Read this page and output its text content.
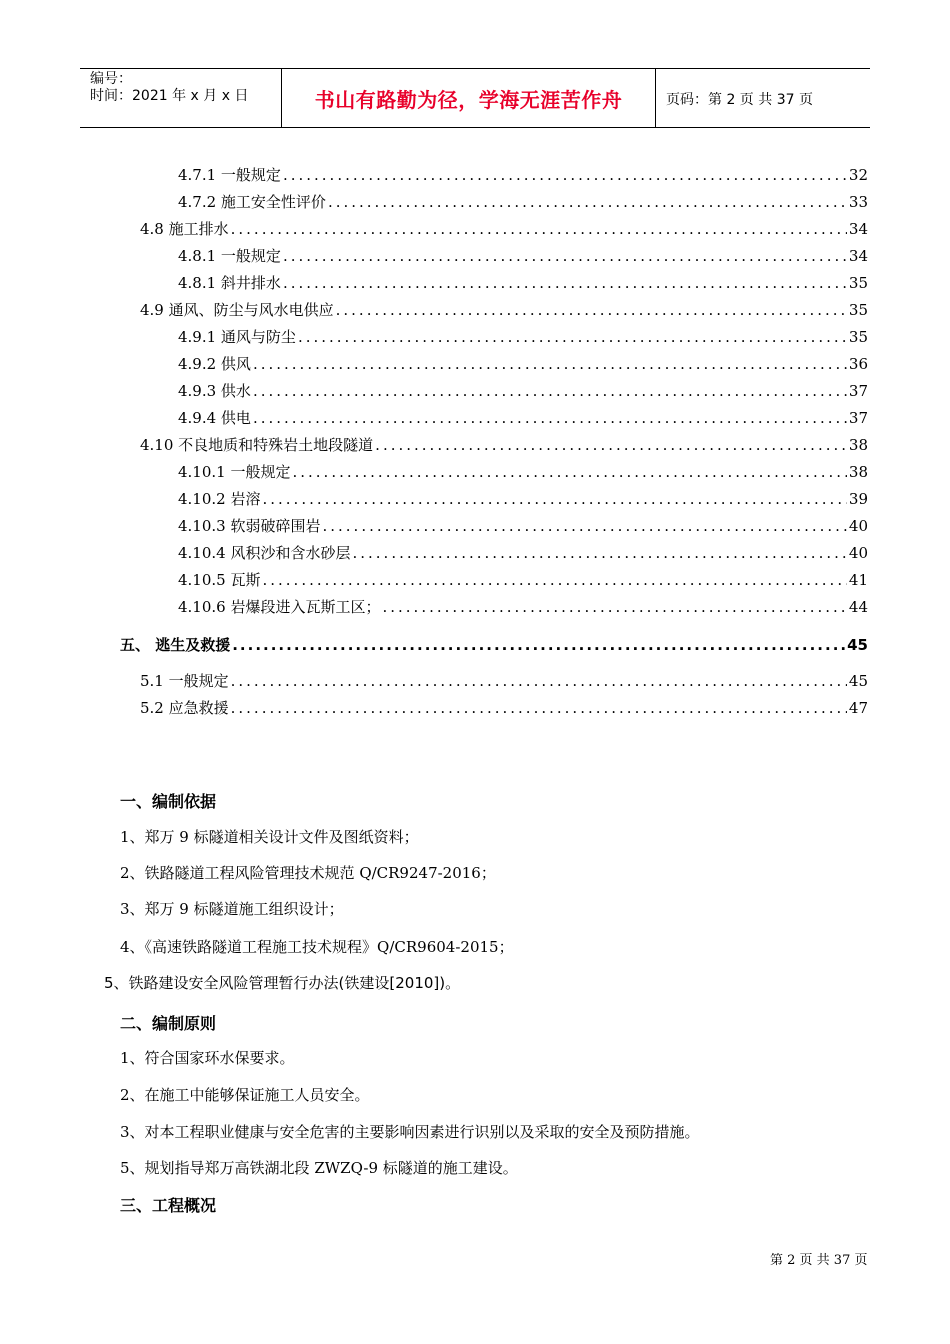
编号：
时间：2021 年 x 月 x 日	书山有路勤为径，学海无涯苦作舟	页码：第 2 页 共 37 页
4.7.1 一般规定 .....	32
4.7.2 施工安全性评价 .....	33
4.8 施工排水 .....	34
4.8.1 一般规定 .....	34
4.8.1 斜井排水 .....	35
4.9 通风、防尘与风水电供应 .....	35
4.9.1 通风与防尘 .....	35
4.9.2 供风 .....	36
4.9.3 供水 .....	37
4.9.4 供电 .....	37
4.10 不良地质和特殊岩土地段隧道 .....	38
4.10.1 一般规定 .....	38
4.10.2 岩溶 .....	39
4.10.3 软弱破碎围岩 .....	40
4.10.4 风积沙和含水砂层 .....	40
4.10.5 瓦斯 .....	41
4.10.6 岩爆段进入瓦斯工区； .....	44
五、 逃生及救援 .....	45
5.1 一般规定 .....	45
5.2 应急救援 .....	47
一、编制依据
1、郑万 9 标隧道相关设计文件及图纸资料；
2、铁路隧道工程风险管理技术规范 Q/CR9247-2016；
3、郑万 9 标隧道施工组织设计；
4、《高速铁路隧道工程施工技术规程》Q/CR9604-2015；
5、铁路建设安全风险管理暂行办法(铁建设[2010])。
二、编制原则
1、符合国家环水保要求。
2、在施工中能够保证施工人员安全。
3、对本工程职业健康与安全危害的主要影响因素进行识别以及采取的安全及预防措施。
5、规划指导郑万高铁湖北段 ZWZQ-9 标隧道的施工建设。
三、工程概况
第 2 页 共 37 页
